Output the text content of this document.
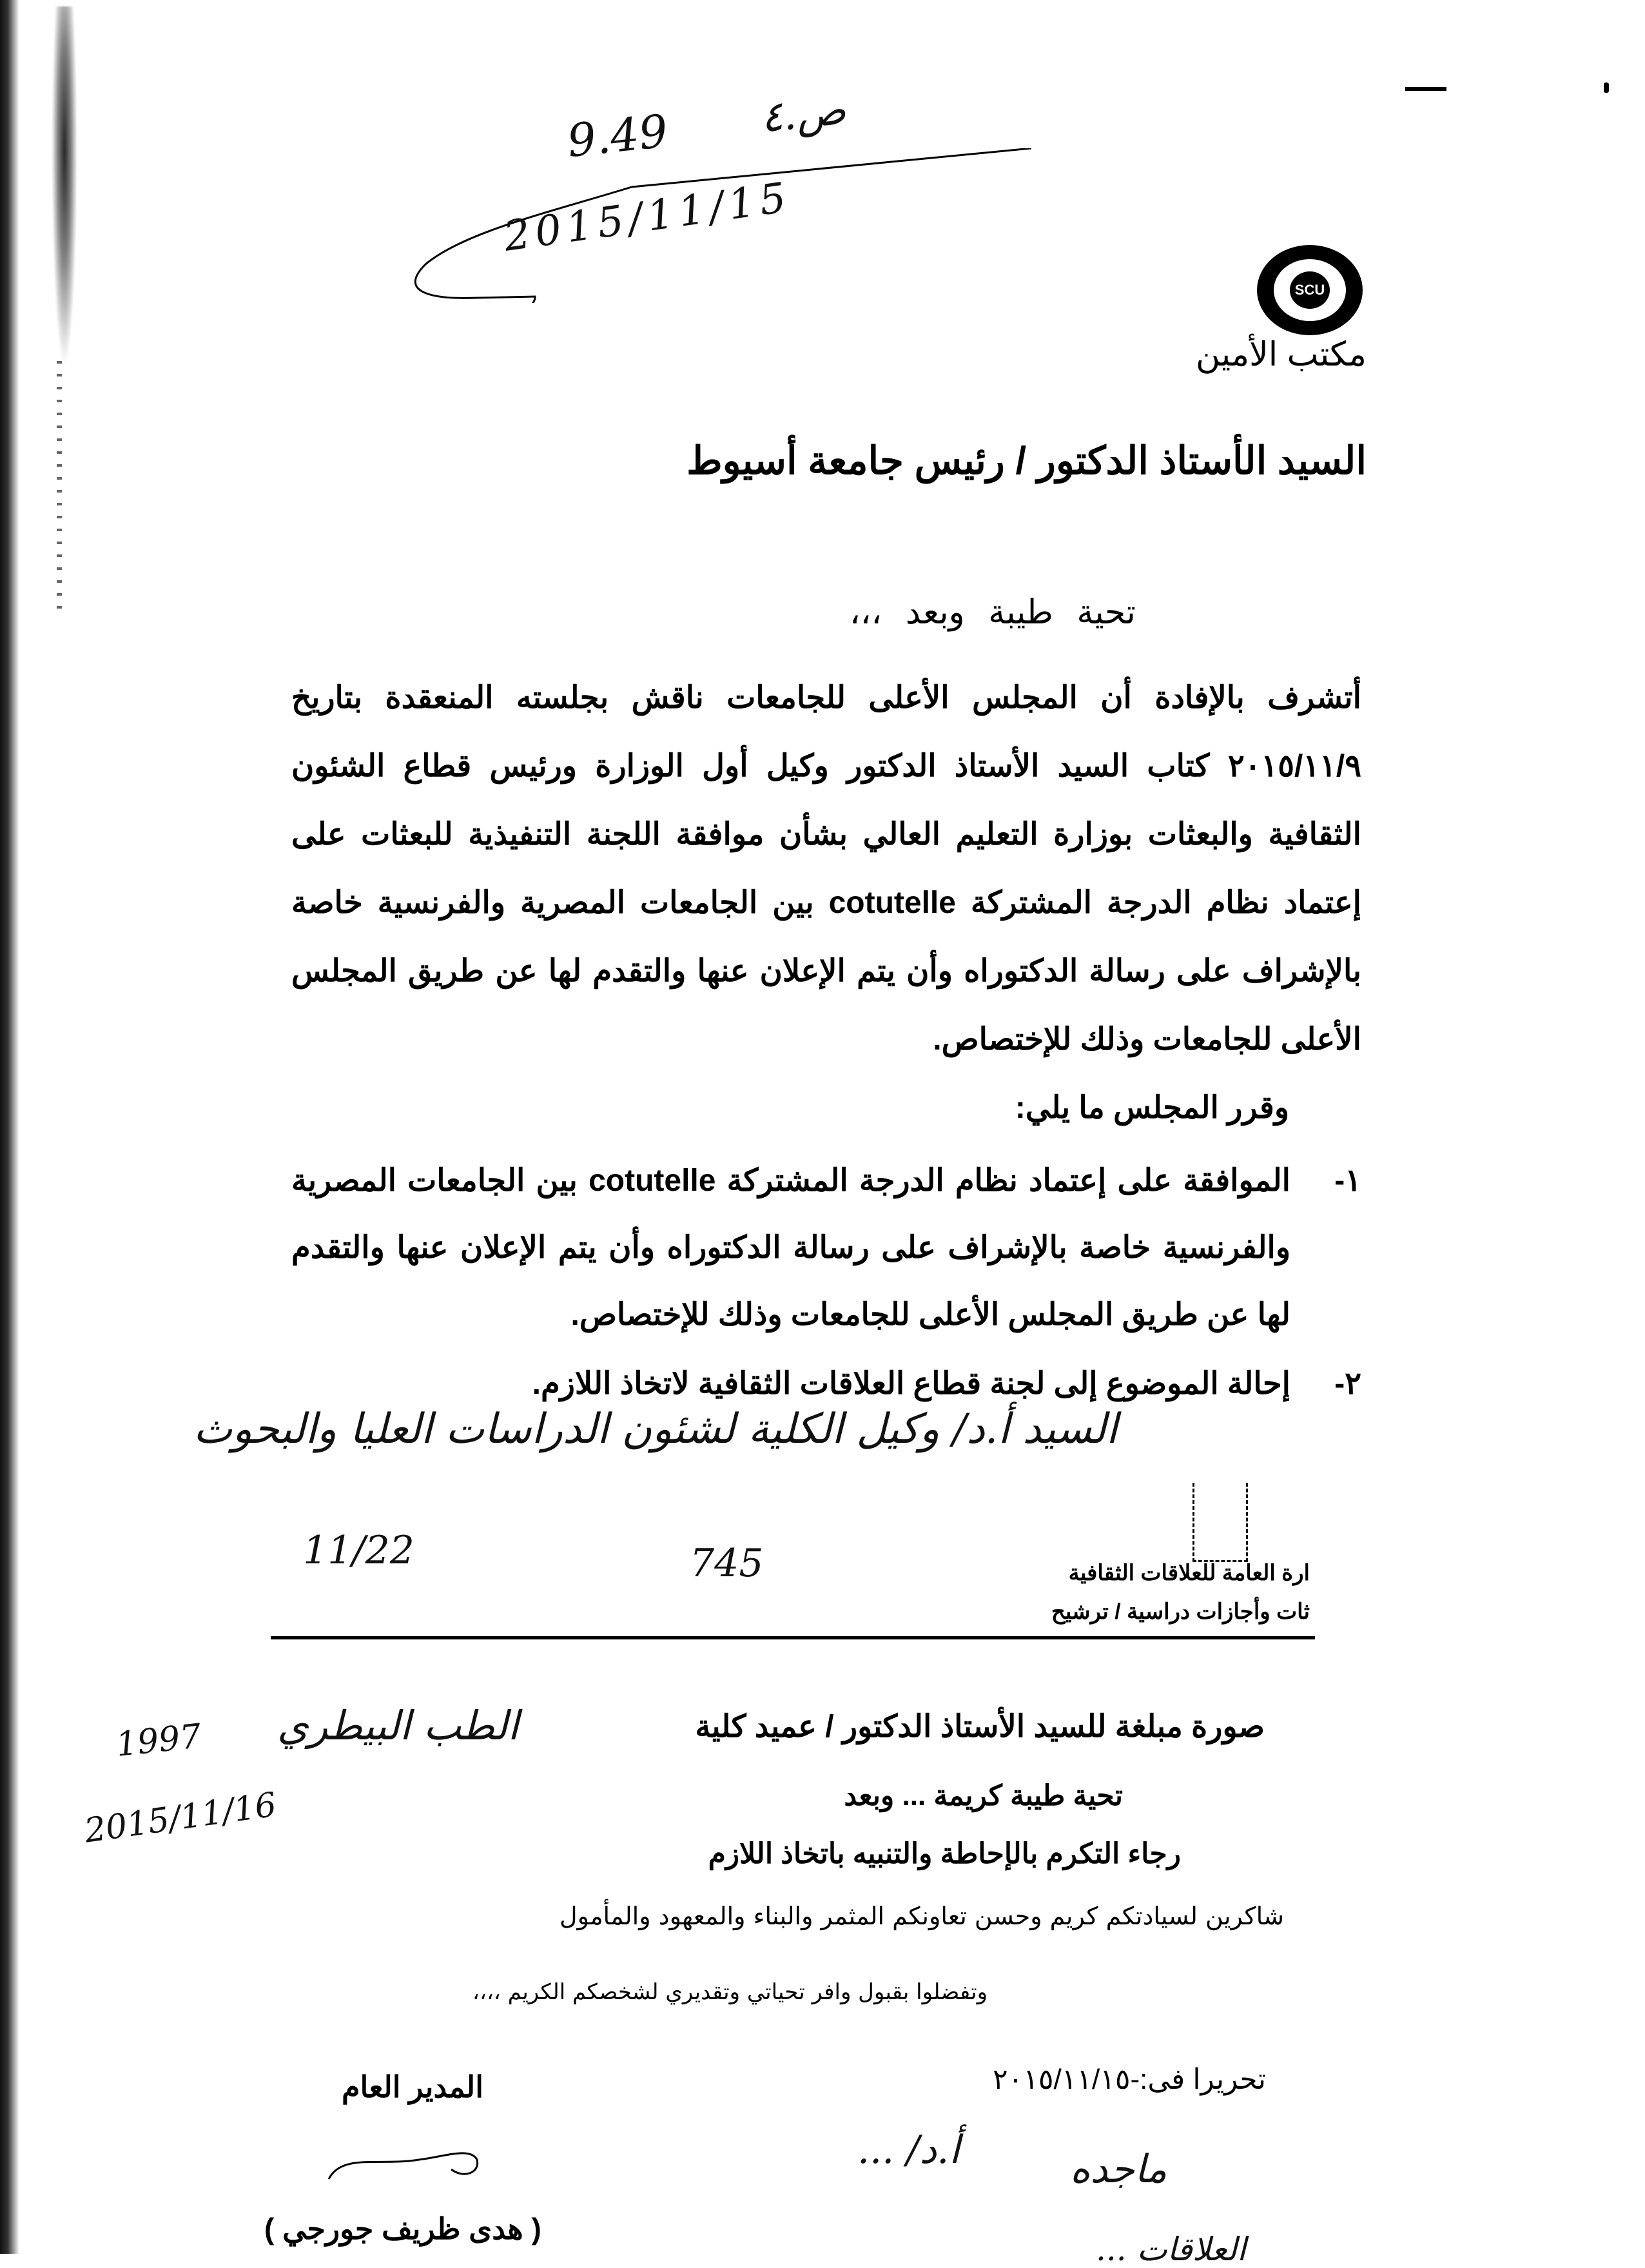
9.49 ص.٤
2015/11/15
SCU
مكتب الأمين
السيد الأستاذ الدكتور / رئيس جامعة أسيوط
تحية طيبة وبعد ،،،
أتشرف بالإفادة أن المجلس الأعلى للجامعات ناقش بجلسته المنعقدة بتاريخ ٢٠١٥/١١/٩ كتاب السيد الأستاذ الدكتور وكيل أول الوزارة ورئيس قطاع الشئون الثقافية والبعثات بوزارة التعليم العالي بشأن موافقة اللجنة التنفيذية للبعثات على إعتماد نظام الدرجة المشتركة cotutelle بين الجامعات المصرية والفرنسية خاصة بالإشراف على رسالة الدكتوراه وأن يتم الإعلان عنها والتقدم لها عن طريق المجلس الأعلى للجامعات وذلك للإختصاص.
وقرر المجلس ما يلي:
١-
الموافقة على إعتماد نظام الدرجة المشتركة cotutelle بين الجامعات المصرية والفرنسية خاصة بالإشراف على رسالة الدكتوراه وأن يتم الإعلان عنها والتقدم لها عن طريق المجلس الأعلى للجامعات وذلك للإختصاص.
٢-
إحالة الموضوع إلى لجنة قطاع العلاقات الثقافية لاتخاذ اللازم.
السيد أ.د/ وكيل الكلية لشئون الدراسات العليا والبحوث
11/22	745	ارة العامة للعلاقات الثقافية
ثات وأجازات دراسية / ترشيح
صورة مبلغة للسيد الأستاذ الدكتور / عميد كلية
الطب البيطري
1997
2015/11/16	تحية طيبة كريمة ... وبعد
رجاء التكرم بالإحاطة والتنبيه باتخاذ اللازم
شاكرين لسيادتكم كريم وحسن تعاونكم المثمر والبناء والمعهود والمأمول
وتفضلوا بقبول وافر تحياتي وتقديري لشخصكم الكريم ،،،،
المدير العام
( هدى ظريف جورجي )
تحريرا فى:-٢٠١٥/١١/١٥
ماجده
أ.د/ ...
العلاقات ...
